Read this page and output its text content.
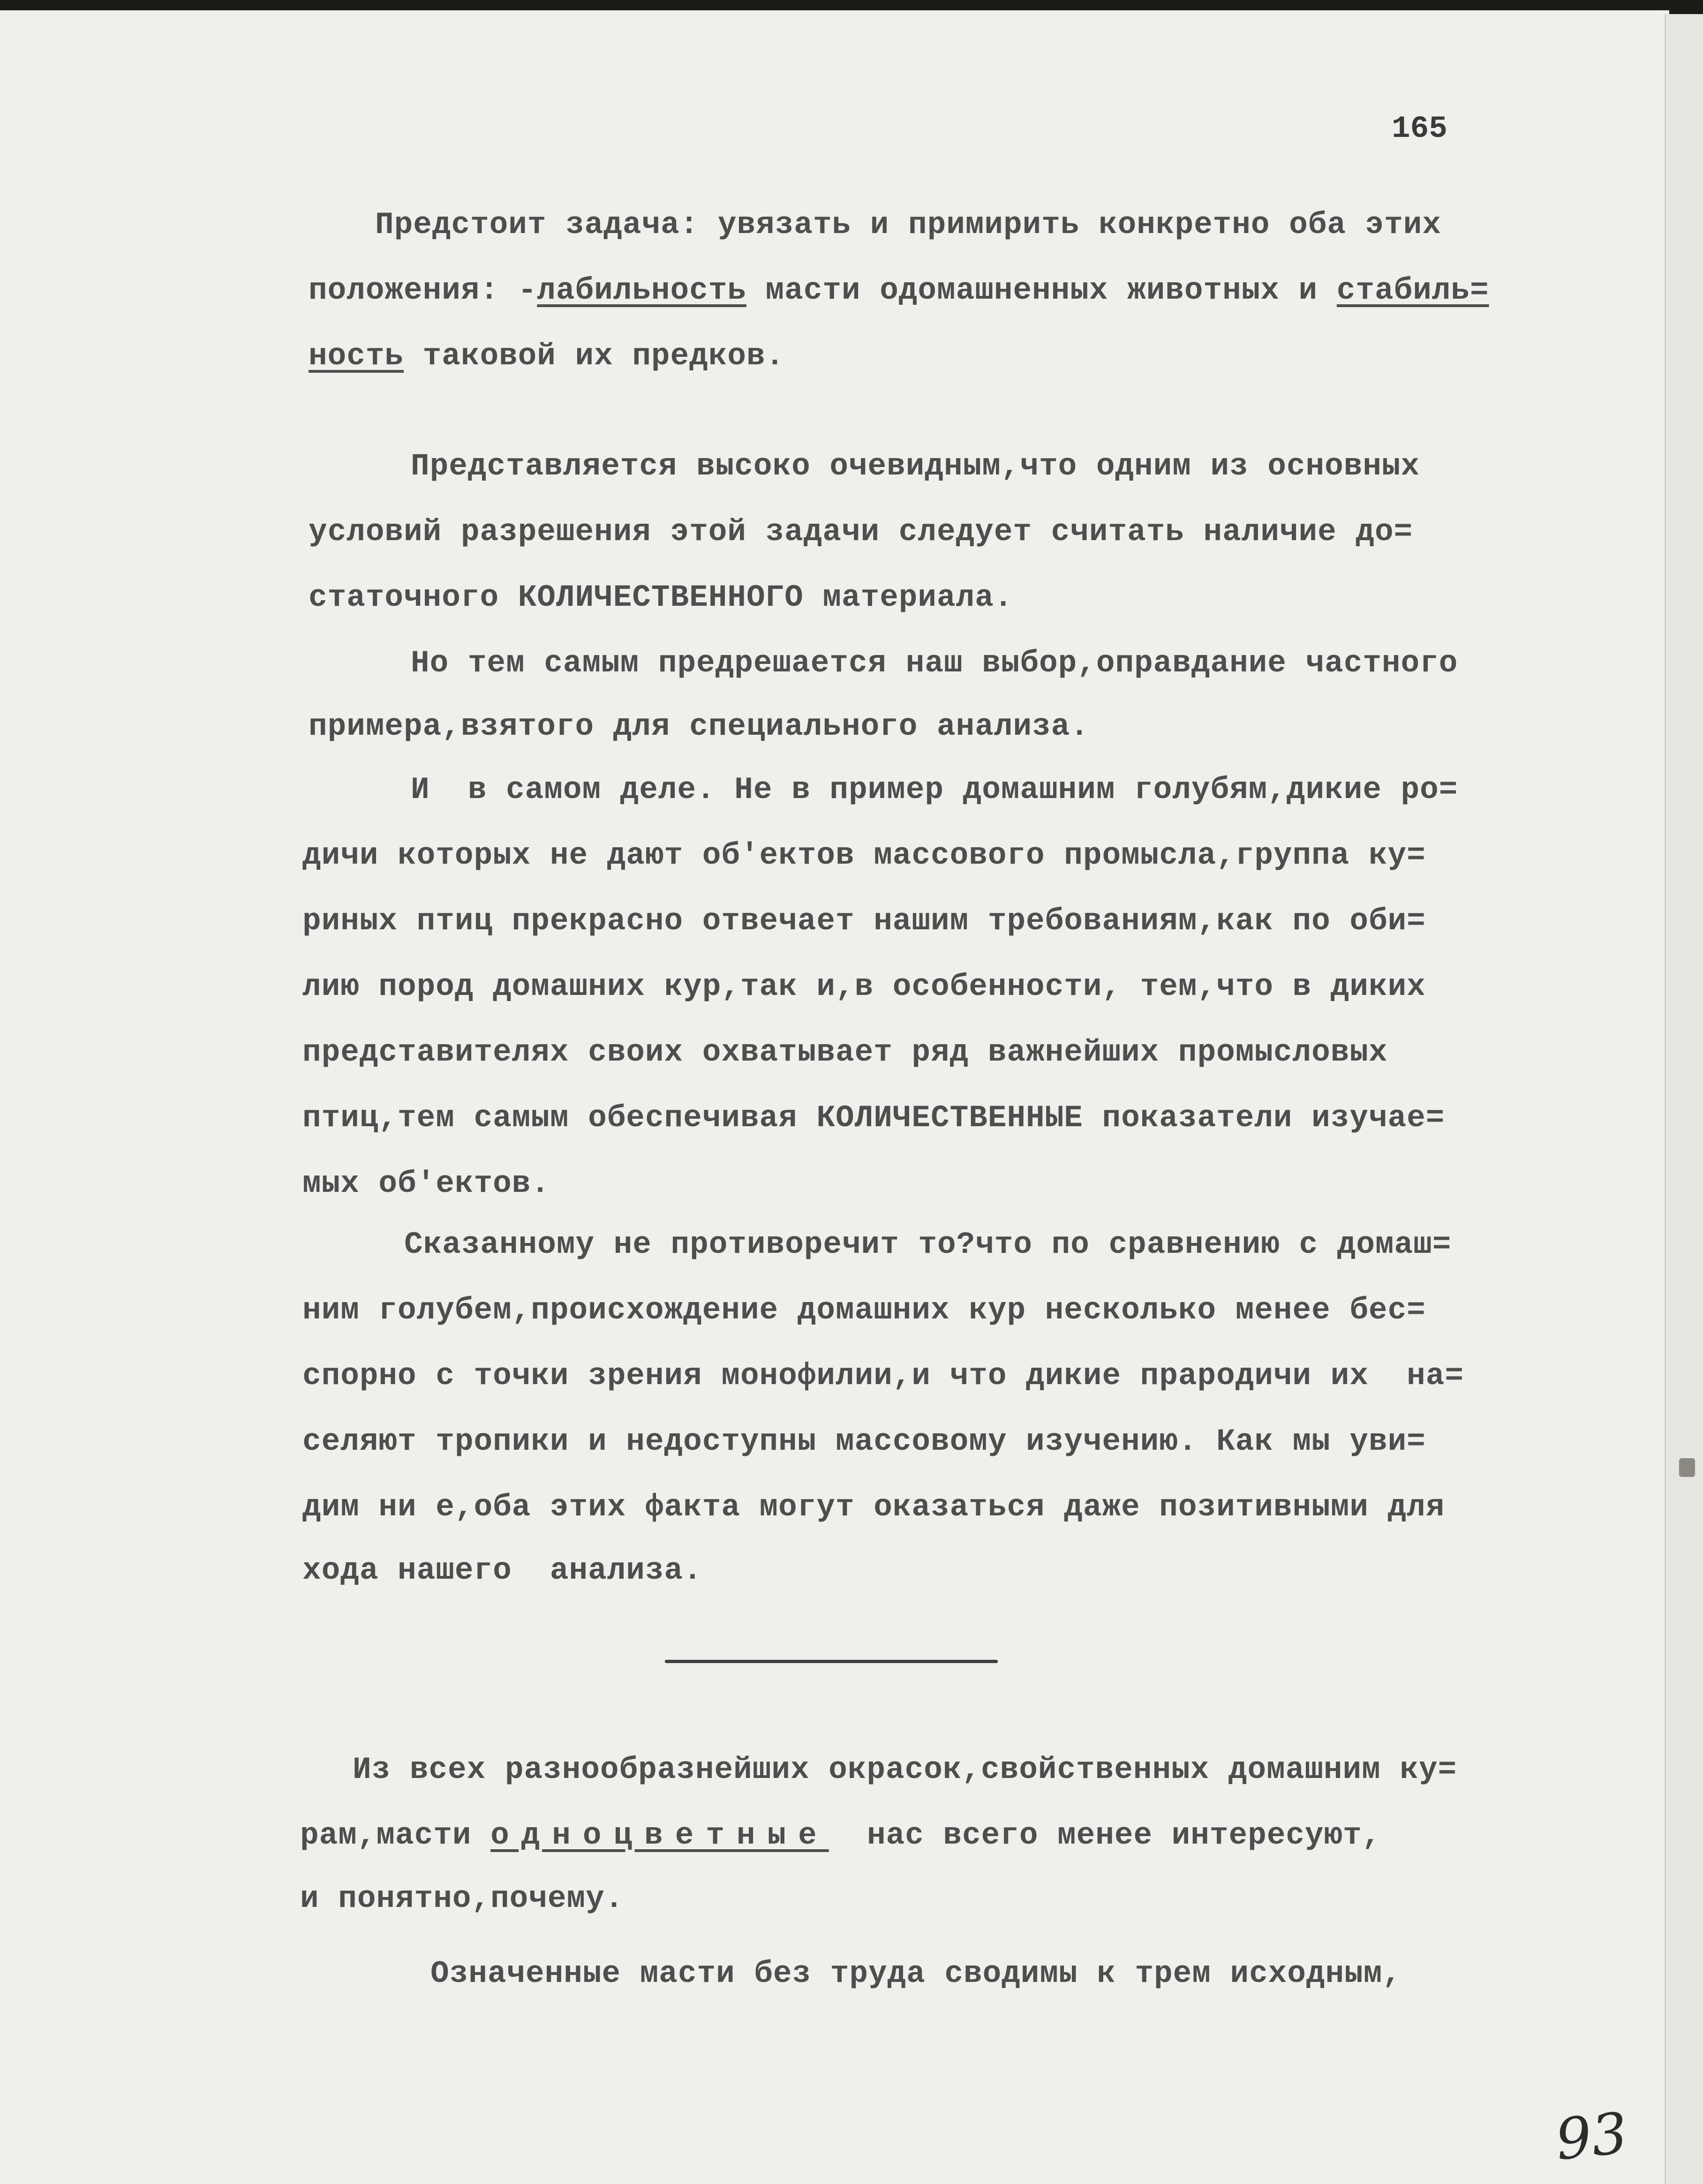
165

Предстоит задача: увязать и примирить конкретно оба этих
положения: -лабильность масти одомашненных животных и стабиль=
ность таковой их предков.
Представляется высоко очевидным,что одним из основных
условий разрешения этой задачи следует считать наличие до=
статочного КОЛИЧЕСТВЕННОГО материала.
Но тем самым предрешается наш выбор,оправдание частного
примера,взятого для специального анализа.
И  в самом деле. Не в пример домашним голубям,дикие ро=
дичи которых не дают об'ектов массового промысла,группа ку=
риных птиц прекрасно отвечает нашим требованиям,как по оби=
лию пород домашних кур,так и,в особенности, тем,что в диких
представителях своих охватывает ряд важнейших промысловых
птиц,тем самым обеспечивая КОЛИЧЕСТВЕННЫЕ показатели изучае=
мых об'ектов.
Сказанному не противоречит то?что по сравнению с домаш=
ним голубем,происхождение домашних кур несколько менее бес=
спорно с точки зрения монофилии,и что дикие прародичи их  на=
селяют тропики и недоступны массовому изучению. Как мы уви=
дим ни е,оба этих факта могут оказаться даже позитивными для
хода нашего  анализа.
Из всех разнообразнейших окрасок,свойственных домашним ку=
рам,масти одноцветные  нас всего менее интересуют,
и понятно,почему.
Означенные масти без труда сводимы к трем исходным,

93
